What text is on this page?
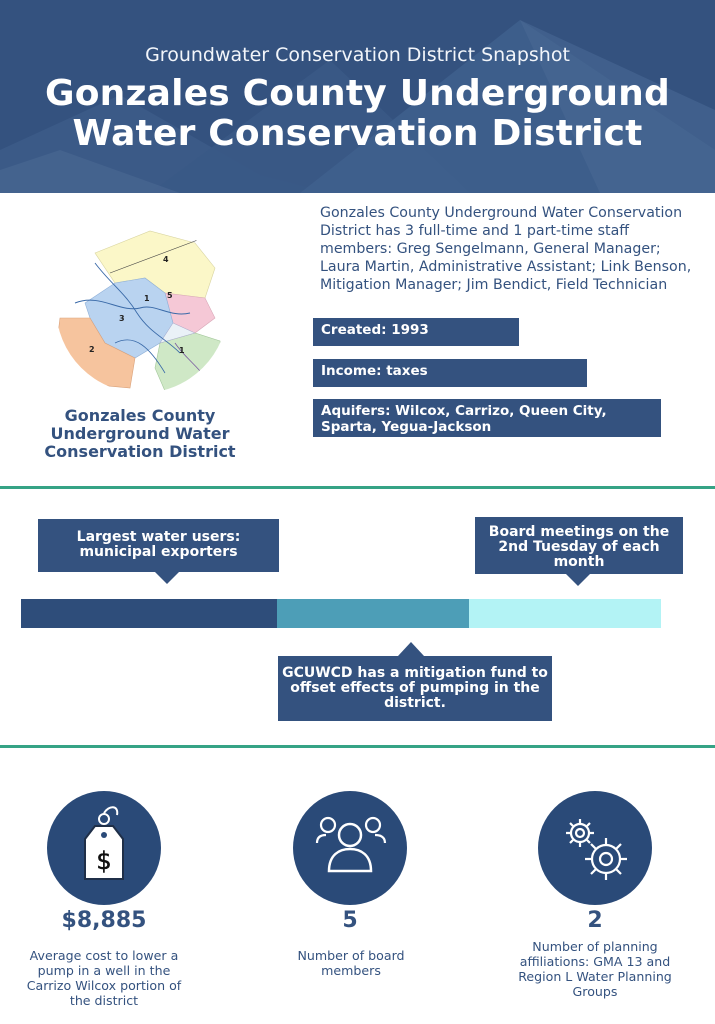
Groundwater Conservation District Snapshot
Gonzales County Underground Water Conservation District
4
1 5
3
2	1
Gonzales County Underground Water Conservation District
Gonzales County Underground Water Conservation District has 3 full-time and 1 part-time staff members: Greg Sengelmann, General Manager; Laura Martin, Administrative Assistant; Link Benson, Mitigation Manager; Jim Bendict, Field Technician
Created: 1993
Income: taxes
Aquifers: Wilcox, Carrizo, Queen City, Sparta, Yegua-Jackson
Largest water users: municipal exporters
Board meetings on the 2nd Tuesday of each month
GCUWCD has a mitigation fund to offset effects of pumping in the district.
$
$8,885
Average cost to lower a pump in a well in the Carrizo Wilcox portion of the district
5
Number of board members
2
Number of planning affiliations: GMA 13 and Region L Water Planning Groups
